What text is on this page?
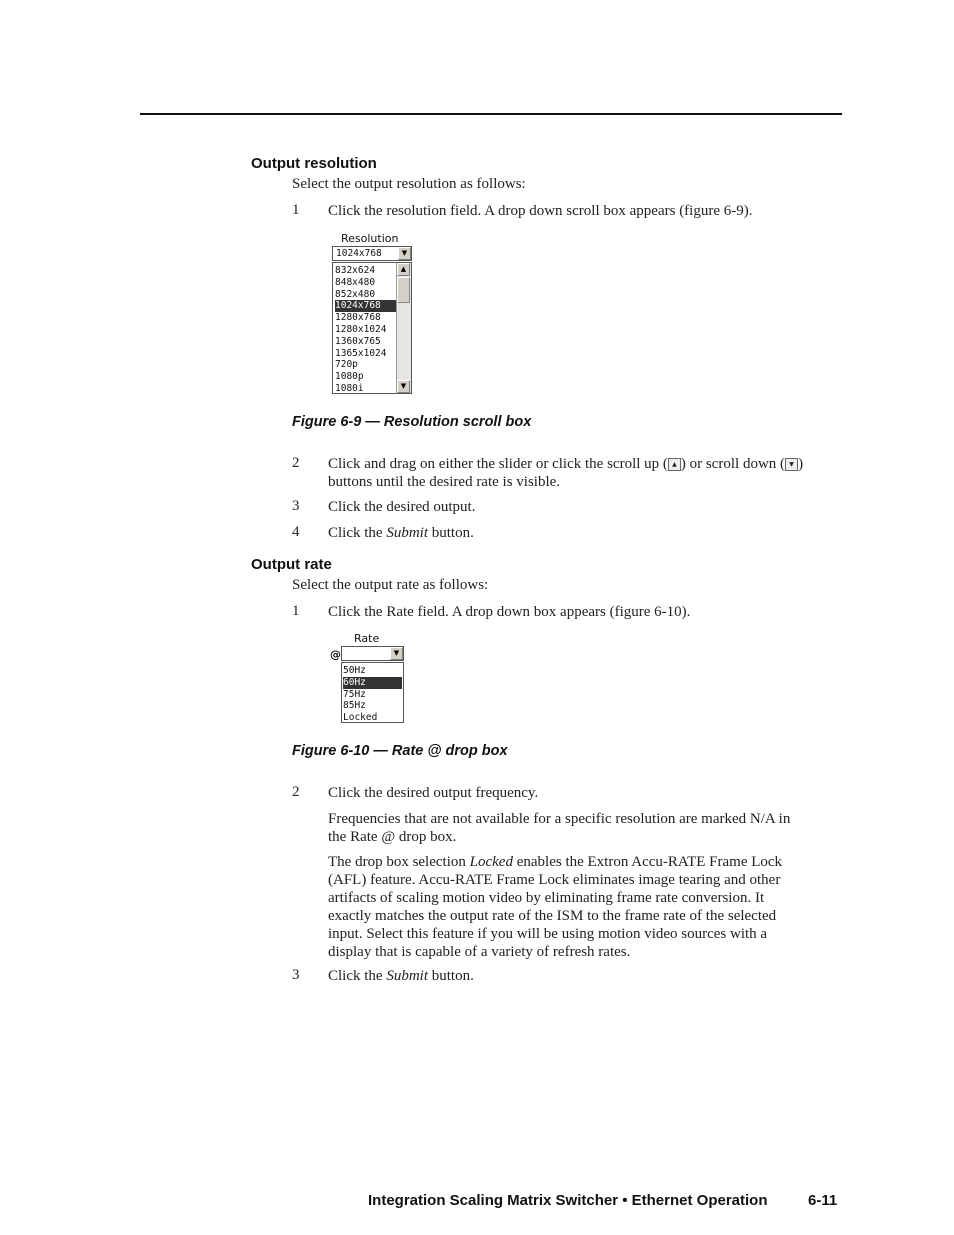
Output resolution
Select the output resolution as follows:
1 Click the resolution field. A drop down scroll box appears (figure 6-9).
Resolution
1024x768	▼
832x624
848x480
852x480
1024x768
1280x768
1280x1024
1360x765
1365x1024
720p
1080p
1080i
▲
▼
Figure 6-9 — Resolution scroll box
2 Click and drag on either the slider or click the scroll up ( ▲ ) or scroll down ( ▼ )
buttons until the desired rate is visible.
3 Click the desired output.
4 Click the Submit button.
Output rate
Select the output rate as follows:
1 Click the Rate field. A drop down box appears (figure 6-10).
Rate
@	▼
50Hz
60Hz
75Hz
85Hz
Locked
Figure 6-10 — Rate @ drop box
2 Click the desired output frequency.
Frequencies that are not available for a specific resolution are marked N/A in
the Rate @ drop box.
The drop box selection Locked enables the Extron Accu-RATE Frame Lock
(AFL) feature. Accu-RATE Frame Lock eliminates image tearing and other
artifacts of scaling motion video by eliminating frame rate conversion. It
exactly matches the output rate of the ISM to the frame rate of the selected
input. Select this feature if you will be using motion video sources with a
display that is capable of a variety of refresh rates.
3 Click the Submit button.
Integration Scaling Matrix Switcher • Ethernet Operation	6-11
